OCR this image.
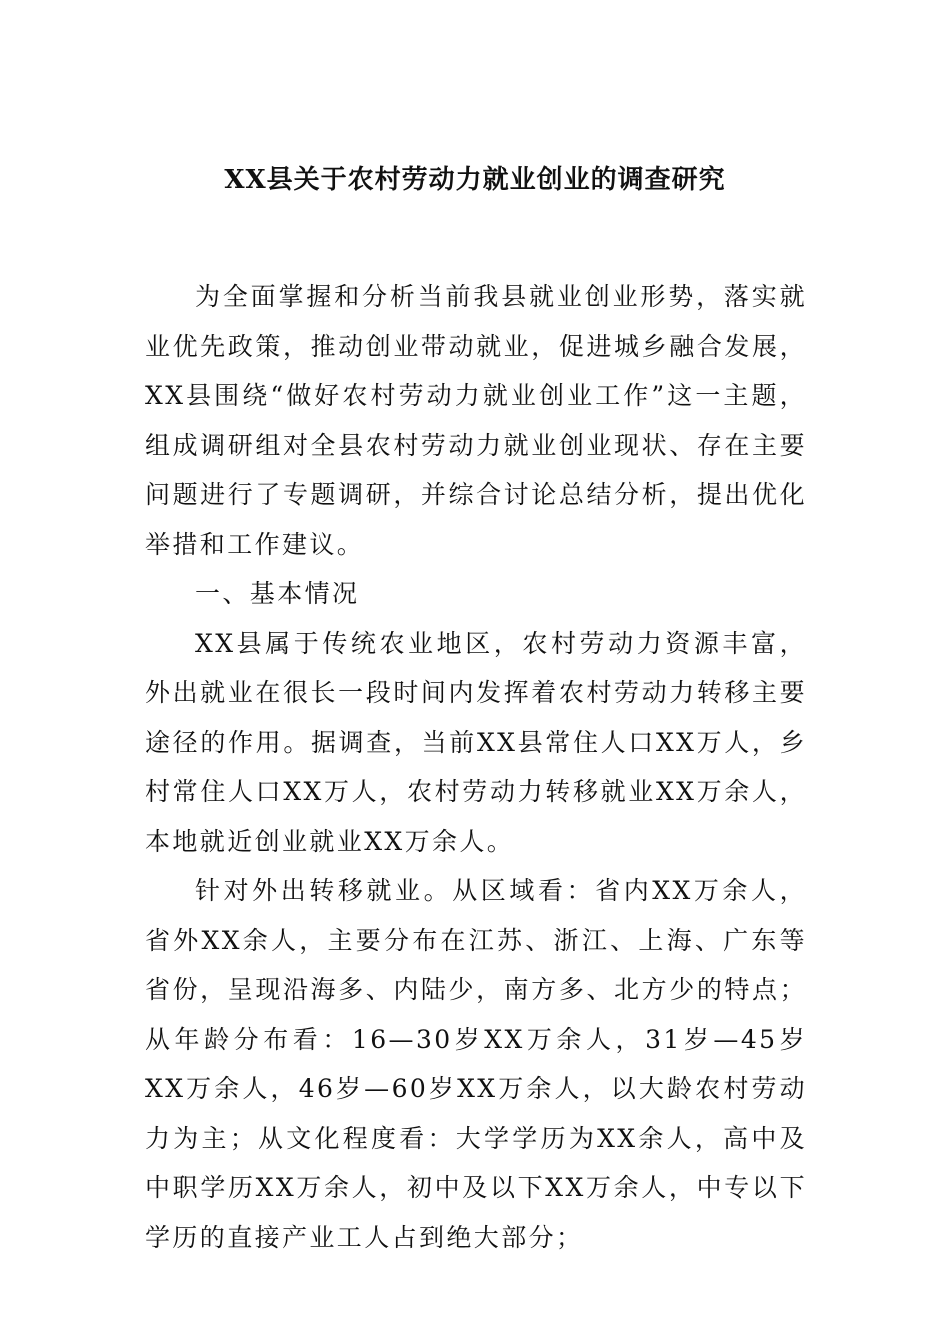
XX县关于农村劳动力就业创业的调查研究

为全面掌握和分析当前我县就业创业形势，落实就业优先政策，推动创业带动就业，促进城乡融合发展，XX县围绕“做好农村劳动力就业创业工作”这一主题，组成调研组对全县农村劳动力就业创业现状、存在主要问题进行了专题调研，并综合讨论总结分析，提出优化举措和工作建议。

一、基本情况

XX县属于传统农业地区，农村劳动力资源丰富，外出就业在很长一段时间内发挥着农村劳动力转移主要途径的作用。据调查，当前XX县常住人口XX万人，乡村常住人口XX万人，农村劳动力转移就业XX万余人，本地就近创业就业XX万余人。

针对外出转移就业。从区域看：省内XX万余人，省外XX余人，主要分布在江苏、浙江、上海、广东等省份，呈现沿海多、内陆少，南方多、北方少的特点；从年龄分布看：16—30岁XX万余人，31岁—45岁XX万余人，46岁—60岁XX万余人，以大龄农村劳动力为主；从文化程度看：大学学历为XX余人，高中及中职学历XX万余人，初中及以下XX万余人，中专以下学历的直接产业工人占到绝大部分；
